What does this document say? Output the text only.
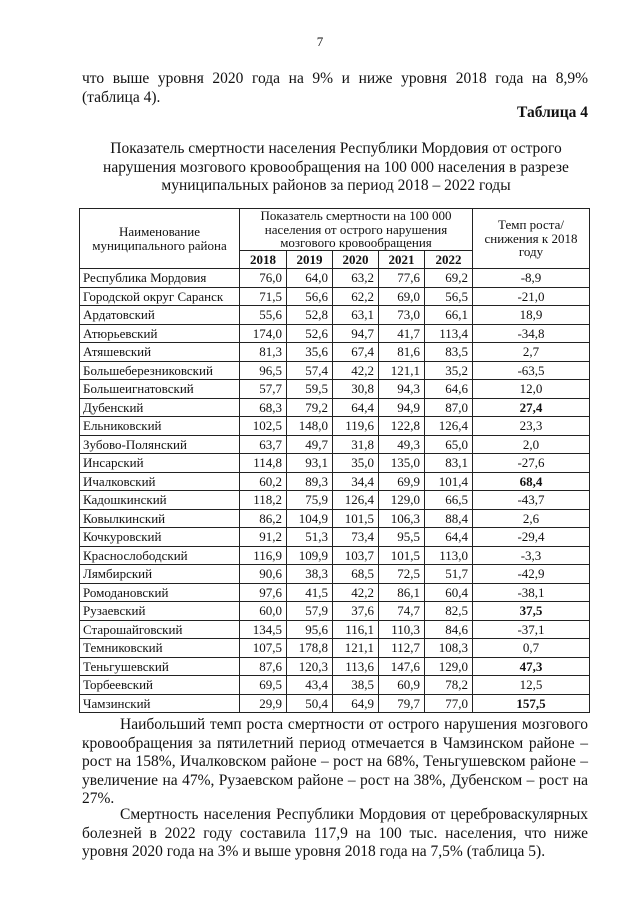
7

что выше уровня 2020 года на 9% и ниже уровня 2018 года на 8,9% (таблица 4).

Таблица 4
Показатель смертности населения Республики Мордовия от острого нарушения мозгового кровообращения на 100 000 населения в разрезе муниципальных районов за период 2018 – 2022 годы
Наименование муниципального района	Показатель смертности на 100 000 населения от острого нарушения мозгового кровообращения					Темп роста/снижения к 2018 году
	2018	2019	2020	2021	2022	
Республика Мордовия	76,0	64,0	63,2	77,6	69,2	-8,9
Городской округ Саранск	71,5	56,6	62,2	69,0	56,5	-21,0
Ардатовский	55,6	52,8	63,1	73,0	66,1	18,9
Атюрьевский	174,0	52,6	94,7	41,7	113,4	-34,8
Атяшевский	81,3	35,6	67,4	81,6	83,5	2,7
Большеберезниковский	96,5	57,4	42,2	121,1	35,2	-63,5
Большеигнатовский	57,7	59,5	30,8	94,3	64,6	12,0
Дубенский	68,3	79,2	64,4	94,9	87,0	27,4
Ельниковский	102,5	148,0	119,6	122,8	126,4	23,3
Зубово-Полянский	63,7	49,7	31,8	49,3	65,0	2,0
Инсарский	114,8	93,1	35,0	135,0	83,1	-27,6
Ичалковский	60,2	89,3	34,4	69,9	101,4	68,4
Кадошкинский	118,2	75,9	126,4	129,0	66,5	-43,7
Ковылкинский	86,2	104,9	101,5	106,3	88,4	2,6
Кочкуровский	91,2	51,3	73,4	95,5	64,4	-29,4
Краснослободский	116,9	109,9	103,7	101,5	113,0	-3,3
Лямбирский	90,6	38,3	68,5	72,5	51,7	-42,9
Ромодановский	97,6	41,5	42,2	86,1	60,4	-38,1
Рузаевский	60,0	57,9	37,6	74,7	82,5	37,5
Старошайговский	134,5	95,6	116,1	110,3	84,6	-37,1
Темниковский	107,5	178,8	121,1	112,7	108,3	0,7
Теньгушевский	87,6	120,3	113,6	147,6	129,0	47,3
Торбеевский	69,5	43,4	38,5	60,9	78,2	12,5
Чамзинский	29,9	50,4	64,9	79,7	77,0	157,5

Наибольший темп роста смертности от острого нарушения мозгового кровообращения за пятилетний период отмечается в Чамзинском районе – рост на 158%, Ичалковском районе – рост на 68%, Теньгушевском районе – увеличение на 47%, Рузаевском районе – рост на 38%, Дубенском – рост на 27%.

Смертность населения Республики Мордовия от цереброваскулярных болезней в 2022 году составила 117,9 на 100 тыс. населения, что ниже уровня 2020 года на 3% и выше уровня 2018 года на 7,5% (таблица 5).
